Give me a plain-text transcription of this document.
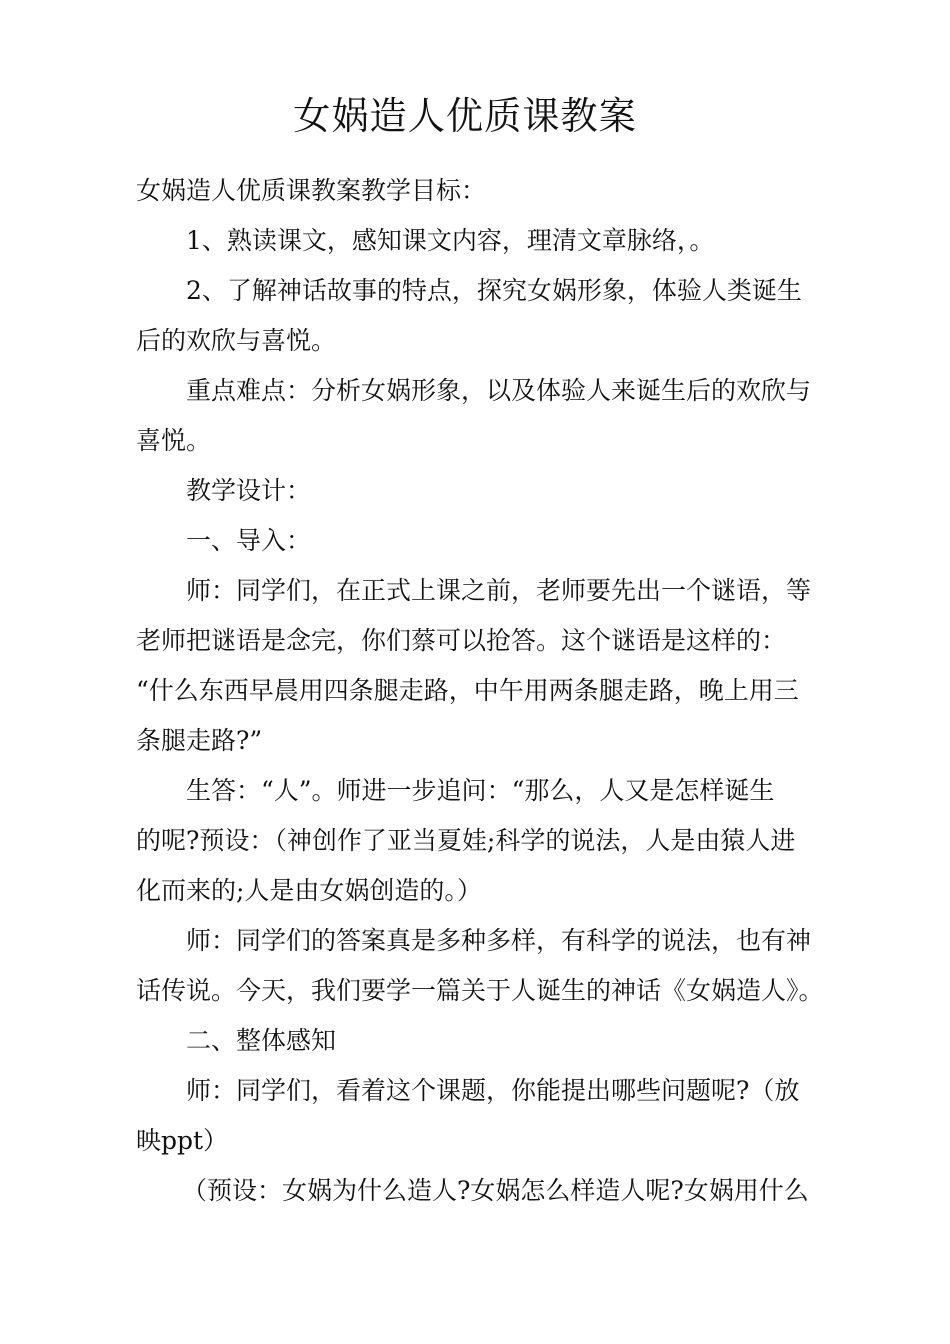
女娲造人优质课教案
女娲造人优质课教案教学目标：
1、熟读课文，感知课文内容，理清文章脉络，。
2、了解神话故事的特点，探究女娲形象，体验人类诞生
后的欢欣与喜悦。
重点难点：分析女娲形象，以及体验人来诞生后的欢欣与
喜悦。
教学设计：
一、导入：
师：同学们，在正式上课之前，老师要先出一个谜语，等
老师把谜语是念完，你们蔡可以抢答。这个谜语是这样的：
“什么东西早晨用四条腿走路，中午用两条腿走路，晚上用三
条腿走路?”
生答：“人”。师进一步追问：“那么，人又是怎样诞生
的呢?预设：（神创作了亚当夏娃;科学的说法，人是由猿人进
化而来的;人是由女娲创造的。）
师：同学们的答案真是多种多样，有科学的说法，也有神
话传说。今天，我们要学一篇关于人诞生的神话《女娲造人》。
二、整体感知
师：同学们，看着这个课题，你能提出哪些问题呢?（放
映ppt）
（预设：女娲为什么造人?女娲怎么样造人呢?女娲用什么
